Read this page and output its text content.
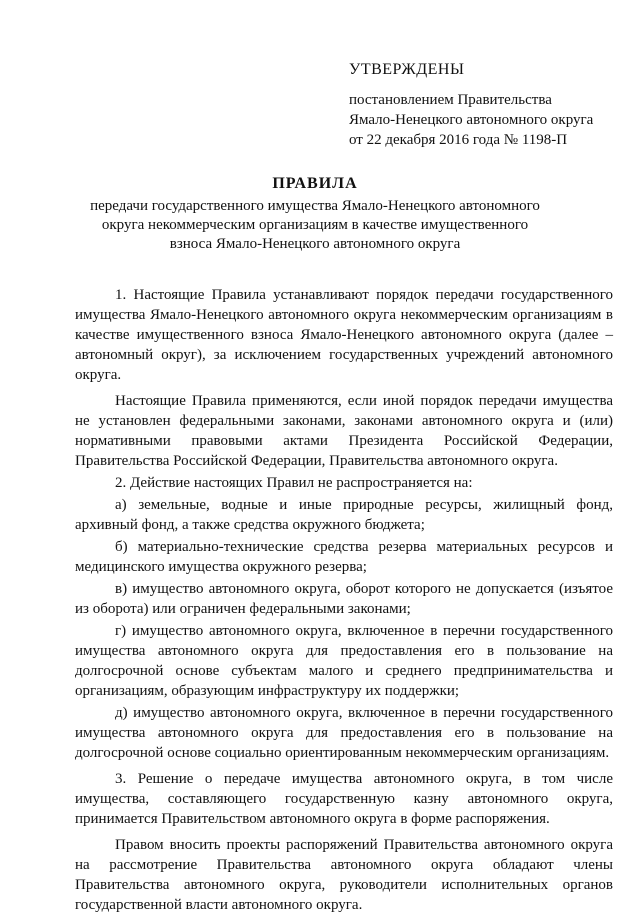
УТВЕРЖДЕНЫ
постановлением Правительства
Ямало-Ненецкого автономного округа
от 22 декабря 2016 года № 1198-П
ПРАВИЛА
передачи государственного имущества Ямало-Ненецкого автономного округа некоммерческим организациям в качестве имущественного взноса Ямало-Ненецкого автономного округа

1. Настоящие Правила устанавливают порядок передачи государственного имущества Ямало-Ненецкого автономного округа некоммерческим организациям в качестве имущественного взноса Ямало-Ненецкого автономного округа (далее – автономный округ), за исключением государственных учреждений автономного округа.

Настоящие Правила применяются, если иной порядок передачи имущества не установлен федеральными законами, законами автономного округа и (или) нормативными правовыми актами Президента Российской Федерации, Правительства Российской Федерации, Правительства автономного округа.

2. Действие настоящих Правил не распространяется на:

а) земельные, водные и иные природные ресурсы, жилищный фонд, архивный фонд, а также средства окружного бюджета;

б) материально-технические средства резерва материальных ресурсов и медицинского имущества окружного резерва;

в) имущество автономного округа, оборот которого не допускается (изъятое из оборота) или ограничен федеральными законами;

г) имущество автономного округа, включенное в перечни государственного имущества автономного округа для предоставления его в пользование на долгосрочной основе субъектам малого и среднего предпринимательства и организациям, образующим инфраструктуру их поддержки;

д) имущество автономного округа, включенное в перечни государственного имущества автономного округа для предоставления его в пользование на долгосрочной основе социально ориентированным некоммерческим организациям.

3. Решение о передаче имущества автономного округа, в том числе имущества, составляющего государственную казну автономного округа, принимается Правительством автономного округа в форме распоряжения.

Правом вносить проекты распоряжений Правительства автономного округа на рассмотрение Правительства автономного округа обладают члены Правительства автономного округа, руководители исполнительных органов государственной власти автономного округа.
